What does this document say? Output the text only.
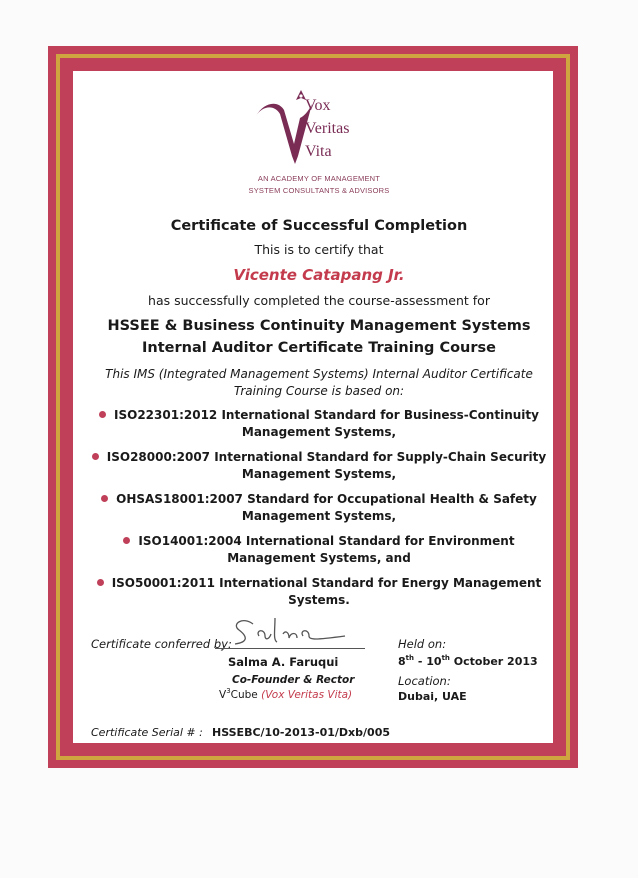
Vox
Veritas
Vita
AN ACADEMY OF MANAGEMENT
SYSTEM CONSULTANTS & ADVISORS
Certificate of Successful Completion
This is to certify that
Vicente Catapang Jr.
has successfully completed the course-assessment for
HSSEE & Business Continuity Management Systems
Internal Auditor Certificate Training Course
This IMS (Integrated Management Systems) Internal Auditor Certificate
Training Course is based on:
ISO22301:2012 International Standard for Business-Continuity
Management Systems,
ISO28000:2007 International Standard for Supply-Chain Security
Management Systems,
OHSAS18001:2007 Standard for Occupational Health & Safety
Management Systems,
ISO14001:2004 International Standard for Environment
Management Systems, and
ISO50001:2011 International Standard for Energy Management
Systems.
Certificate conferred by:
Salma A. Faruqui
Co-Founder & Rector
$V^3Cube$ (Vox Veritas Vita)
Held on:
8th - 10th October 2013
Location:
Dubai, UAE
Certificate Serial # : HSSEBC/10-2013-01/Dxb/005
